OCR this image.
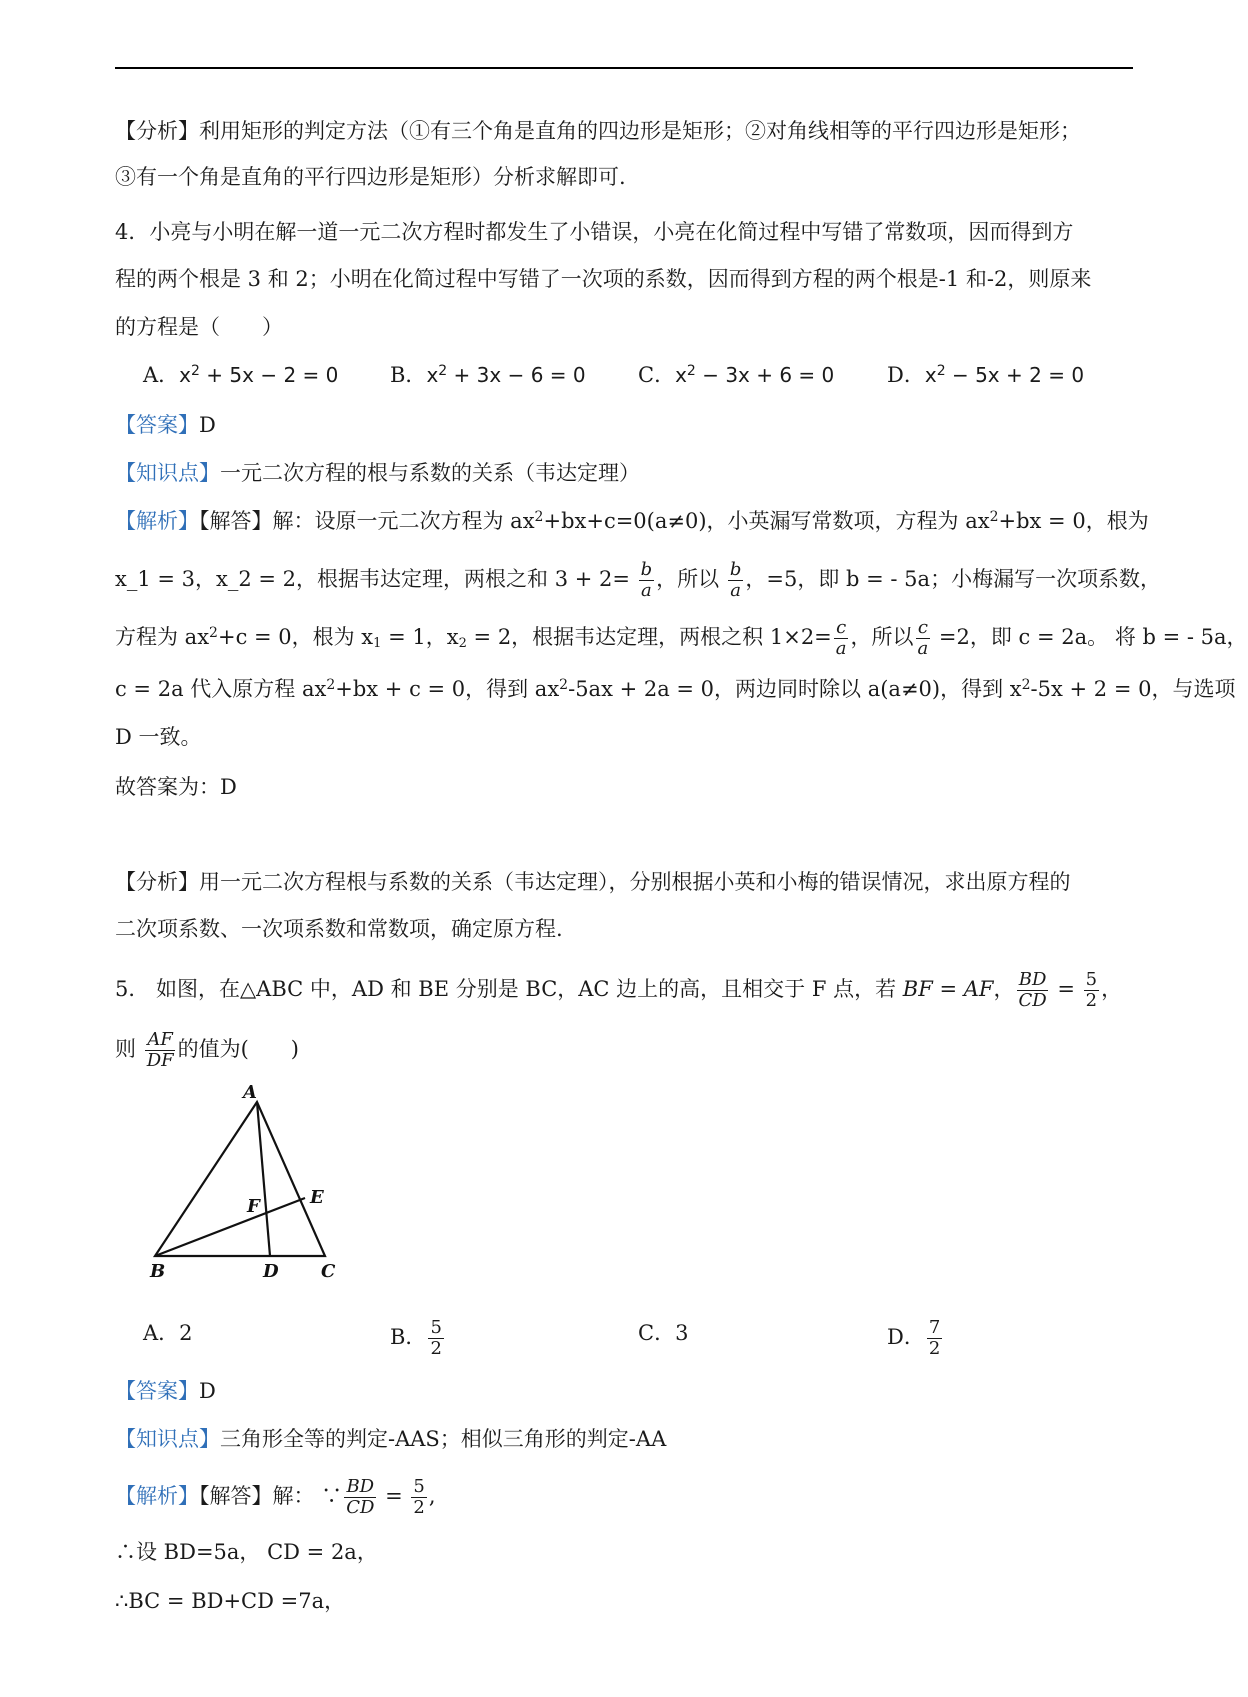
【分析】利用矩形的判定方法（①有三个角是直角的四边形是矩形；②对角线相等的平行四边形是矩形；
③有一个角是直角的平行四边形是矩形）分析求解即可.
4．小亮与小明在解一道一元二次方程时都发生了小错误，小亮在化简过程中写错了常数项，因而得到方
程的两个根是 3 和 2；小明在化简过程中写错了一次项的系数，因而得到方程的两个根是-1 和-2，则原来
的方程是（　　）
A．$x^2 + 5x - 2 = 0$ B．$x^2 + 3x - 6 = 0$ C．$x^2 - 3x + 6 = 0$	D．$x^2 - 5x + 2 = 0$
【答案】D
【知识点】一元二次方程的根与系数的关系（韦达定理）
【解析】【解答】解：设原一元二次方程为 $ax^2+bx+c=0(a\ne 0)$，小英漏写常数项，方程为 $ax^2+bx = 0$，根为
x_1 = 3，x_2 = 2，根据韦达定理，两根之和 $3 + 2= \frac{b}{a}$ ，所以 $\frac{b}{a}$ ，=5，即 b = - 5a；小梅漏写一次项系数，
方程为 $ax^2+c = 0$，根为 $x_1 = 1$，$x_2 = 2$，根据韦达定理，两根之积 $1\times 2= \frac{c}{a}$ ，所以 $\frac{c}{a} =2$，即 c = 2a。 将 b = - 5a，
c = 2a 代入原方程 $ax^2+bx + c = 0$，得到 $ax^2-5ax + 2a = 0$，两边同时除以 a(a≠0)，得到 $x^2-5x + 2 = 0$，与选项
D 一致。
故答案为：D
【分析】用一元二次方程根与系数的关系（韦达定理），分别根据小英和小梅的错误情况，求出原方程的
二次项系数、一次项系数和常数项，确定原方程.
5． 如图，在△ABC 中，AD 和 BE 分别是 BC，AC 边上的高，且相交于 F 点，若 BF = AF， $\frac{BD}{CD} = \frac{5}{2}$ ，
则 $\frac{AF}{DF}$ 的值为(　　)
A
B	C
D
E
F
A．2	B． $\frac{5}{2}$	C．3	D． $\frac{7}{2}$
【答案】D
【知识点】三角形全等的判定-AAS；相似三角形的判定-AA
【解析】【解答】解： ∵ $\frac{BD}{CD} = \frac{5}{2}$ ,
∴设 BD=5a， CD = 2a，
∴BC = BD+CD =7a，
